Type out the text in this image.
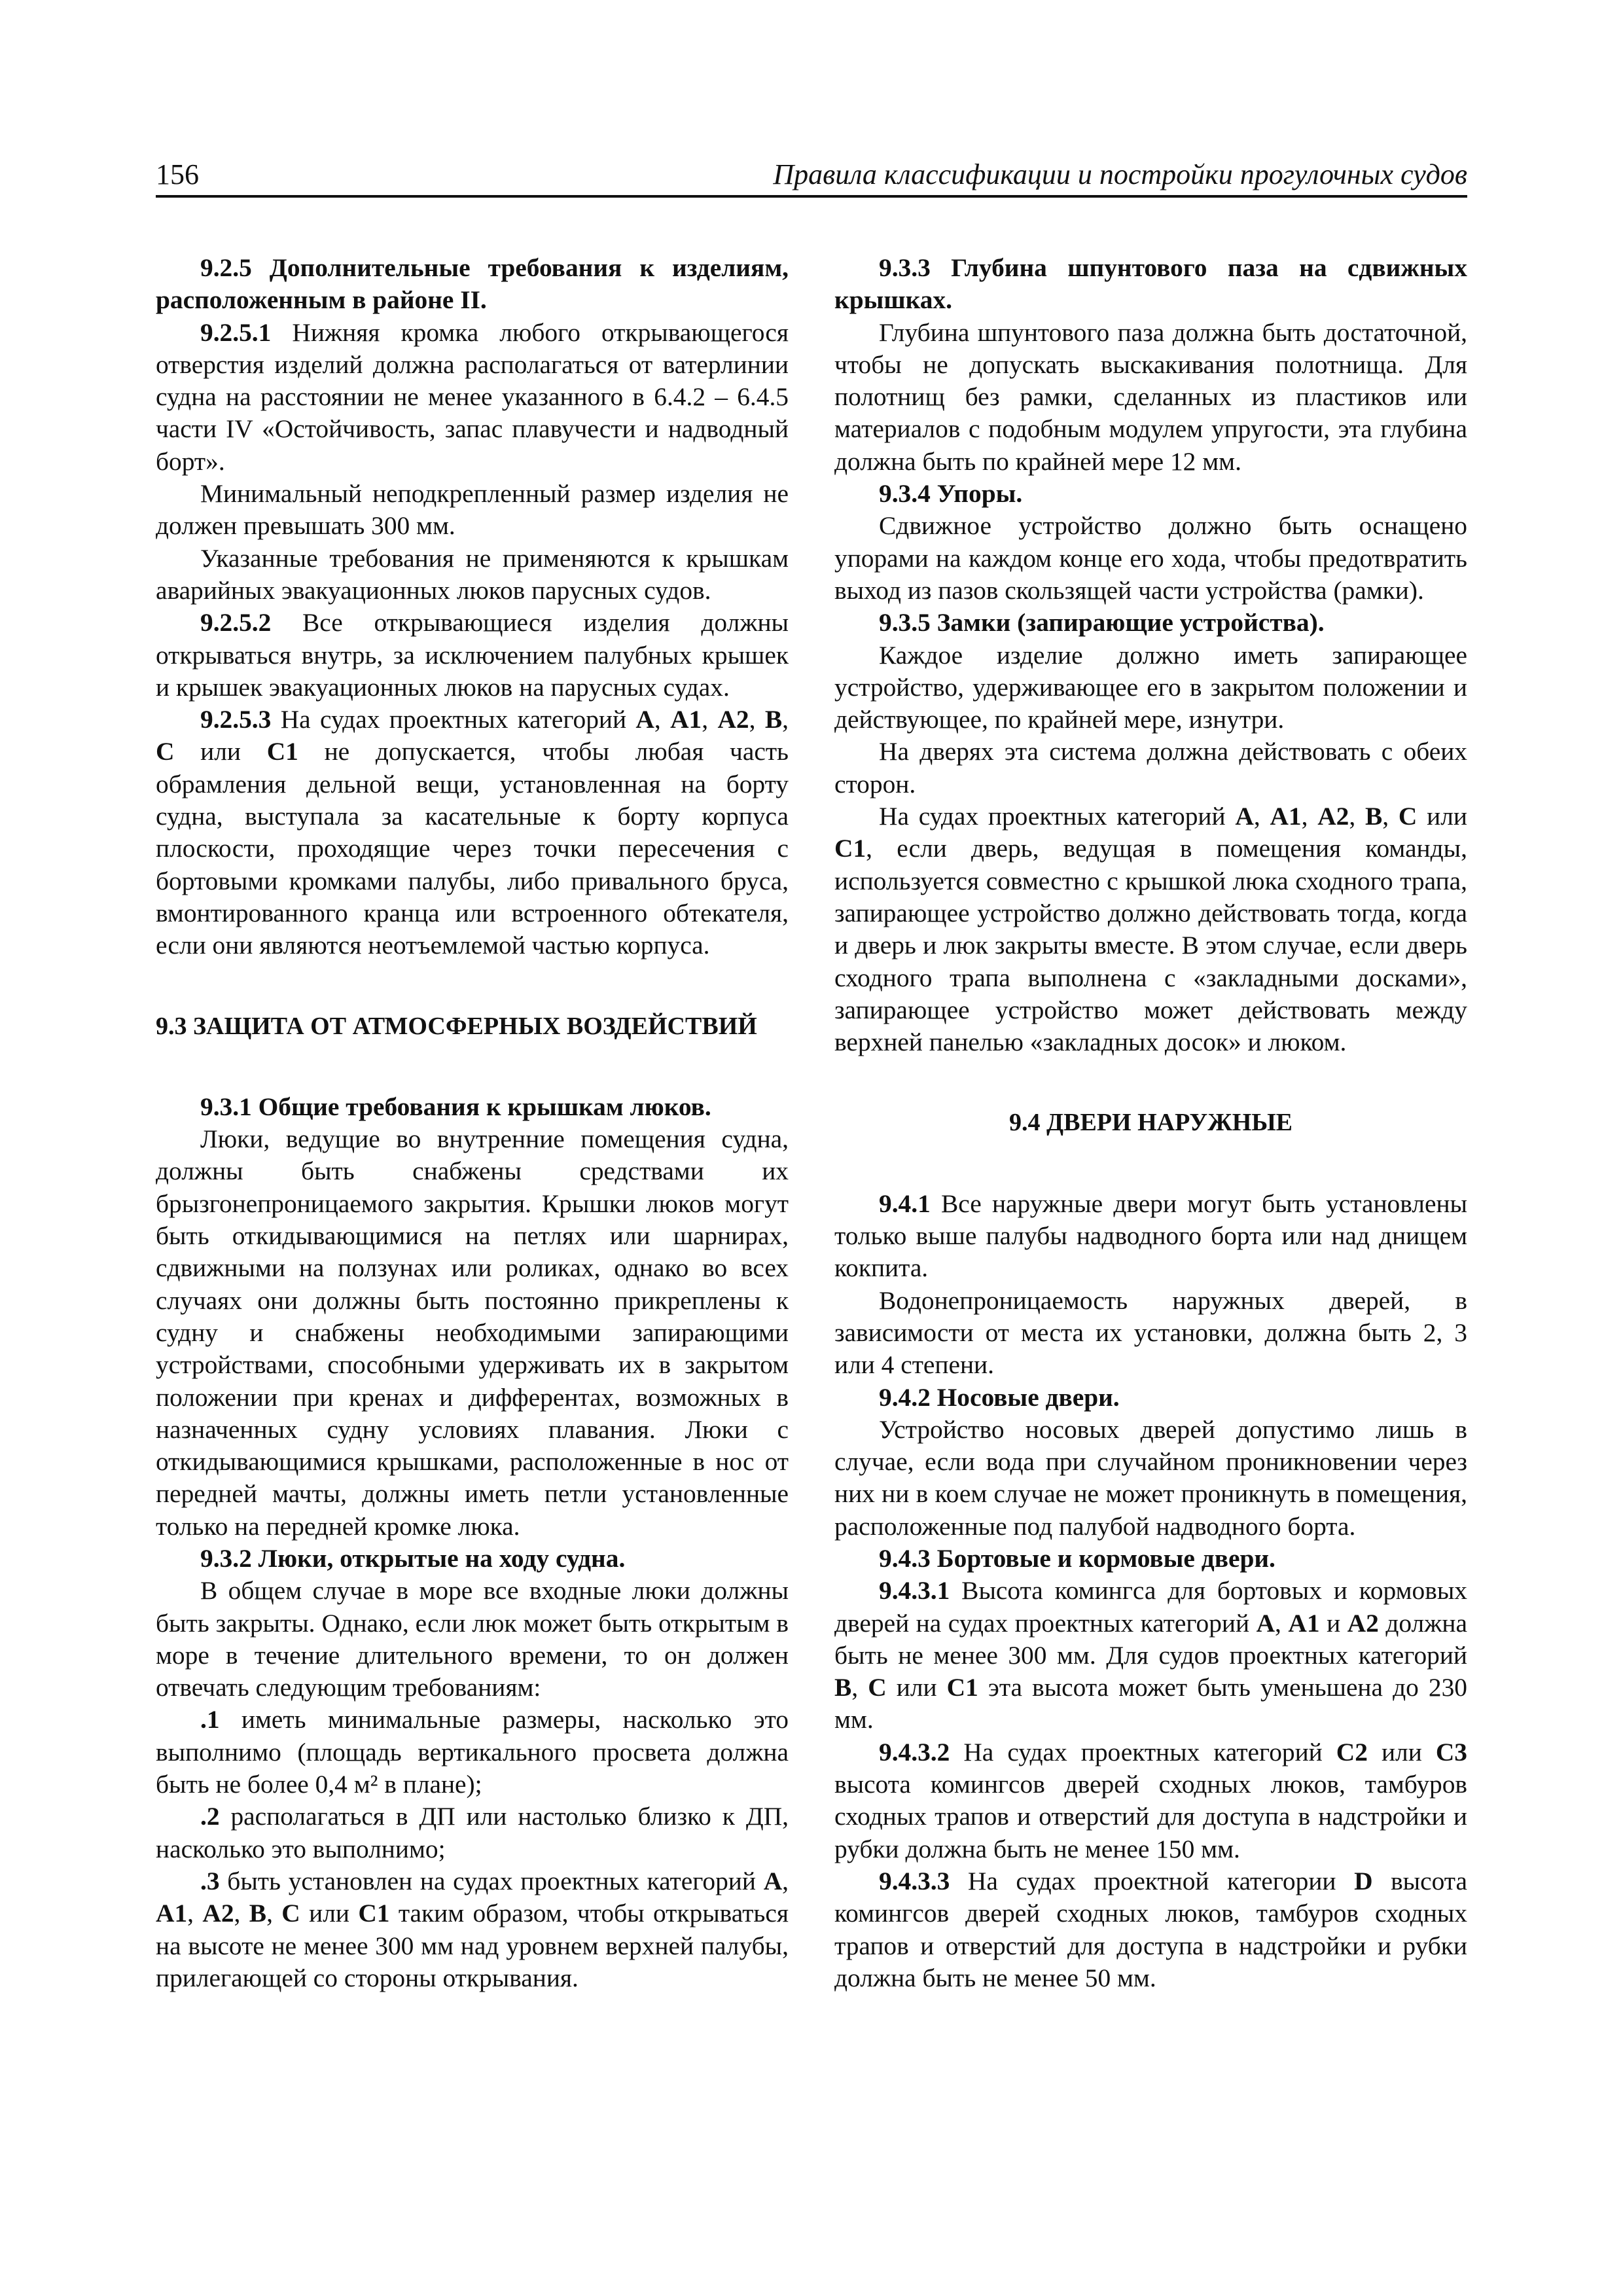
156	Правила классификации и постройки прогулочных судов

9.2.5 Дополнительные требования к изделиям, расположенным в районе II.

9.2.5.1 Нижняя кромка любого открывающегося отверстия изделий должна располагаться от ватерлинии судна на расстоянии не менее указанного в 6.4.2 – 6.4.5 части IV «Остойчивость, запас плавучести и надводный борт».

Минимальный неподкрепленный размер изделия не должен превышать 300 мм.

Указанные требования не применяются к крышкам аварийных эвакуационных люков парусных судов.

9.2.5.2 Все открывающиеся изделия должны открываться внутрь, за исключением палубных крышек и крышек эвакуационных люков на парусных судах.

9.2.5.3 На судах проектных категорий А, А1, А2, В, С или С1 не допускается, чтобы любая часть обрамления дельной вещи, установленная на борту судна, выступала за касательные к борту корпуса плоскости, проходящие через точки пересечения с бортовыми кромками палубы, либо привального бруса, вмонтированного кранца или встроенного обтекателя, если они являются неотъемлемой частью корпуса.

9.3 ЗАЩИТА ОТ АТМОСФЕРНЫХ ВОЗДЕЙСТВИЙ

9.3.1 Общие требования к крышкам люков.

Люки, ведущие во внутренние помещения судна, должны быть снабжены средствами их брызгонепроницаемого закрытия. Крышки люков могут быть откидывающимися на петлях или шарнирах, сдвижными на ползунах или роликах, однако во всех случаях они должны быть постоянно прикреплены к судну и снабжены необходимыми запирающими устройствами, способными удерживать их в закрытом положении при кренах и дифферентах, возможных в назначенных судну условиях плавания. Люки с откидывающимися крышками, расположенные в нос от передней мачты, должны иметь петли установленные только на передней кромке люка.

9.3.2 Люки, открытые на ходу судна.

В общем случае в море все входные люки должны быть закрыты. Однако, если люк может быть открытым в море в течение длительного времени, то он должен отвечать следующим требованиям:

.1 иметь минимальные размеры, насколько это выполнимо (площадь вертикального просвета должна быть не более 0,4 м² в плане);

.2 располагаться в ДП или настолько близко к ДП, насколько это выполнимо;

.3 быть установлен на судах проектных категорий А, А1, А2, В, С или С1 таким образом, чтобы открываться на высоте не менее 300 мм над уровнем верхней палубы, прилегающей со стороны открывания.

9.3.3 Глубина шпунтового паза на сдвижных крышках.

Глубина шпунтового паза должна быть достаточной, чтобы не допускать выскакивания полотнища. Для полотнищ без рамки, сделанных из пластиков или материалов с подобным модулем упругости, эта глубина должна быть по крайней мере 12 мм.

9.3.4 Упоры.

Сдвижное устройство должно быть оснащено упорами на каждом конце его хода, чтобы предотвратить выход из пазов скользящей части устройства (рамки).

9.3.5 Замки (запирающие устройства).

Каждое изделие должно иметь запирающее устройство, удерживающее его в закрытом положении и действующее, по крайней мере, изнутри.

На дверях эта система должна действовать с обеих сторон.

На судах проектных категорий А, А1, А2, В, С или С1, если дверь, ведущая в помещения команды, используется совместно с крышкой люка сходного трапа, запирающее устройство должно действовать тогда, когда и дверь и люк закрыты вместе. В этом случае, если дверь сходного трапа выполнена с «закладными досками», запирающее устройство может действовать между верхней панелью «закладных досок» и люком.

9.4 ДВЕРИ НАРУЖНЫЕ

9.4.1 Все наружные двери могут быть установлены только выше палубы надводного борта или над днищем кокпита.

Водонепроницаемость наружных дверей, в зависимости от места их установки, должна быть 2, 3 или 4 степени.

9.4.2 Носовые двери.

Устройство носовых дверей допустимо лишь в случае, если вода при случайном проникновении через них ни в коем случае не может проникнуть в помещения, расположенные под палубой надводного борта.

9.4.3 Бортовые и кормовые двери.

9.4.3.1 Высота комингса для бортовых и кормовых дверей на судах проектных категорий А, А1 и А2 должна быть не менее 300 мм. Для судов проектных категорий В, С или С1 эта высота может быть уменьшена до 230 мм.

9.4.3.2 На судах проектных категорий С2 или С3 высота комингсов дверей сходных люков, тамбуров сходных трапов и отверстий для доступа в надстройки и рубки должна быть не менее 150 мм.

9.4.3.3 На судах проектной категории D высота комингсов дверей сходных люков, тамбуров сходных трапов и отверстий для доступа в надстройки и рубки должна быть не менее 50 мм.
